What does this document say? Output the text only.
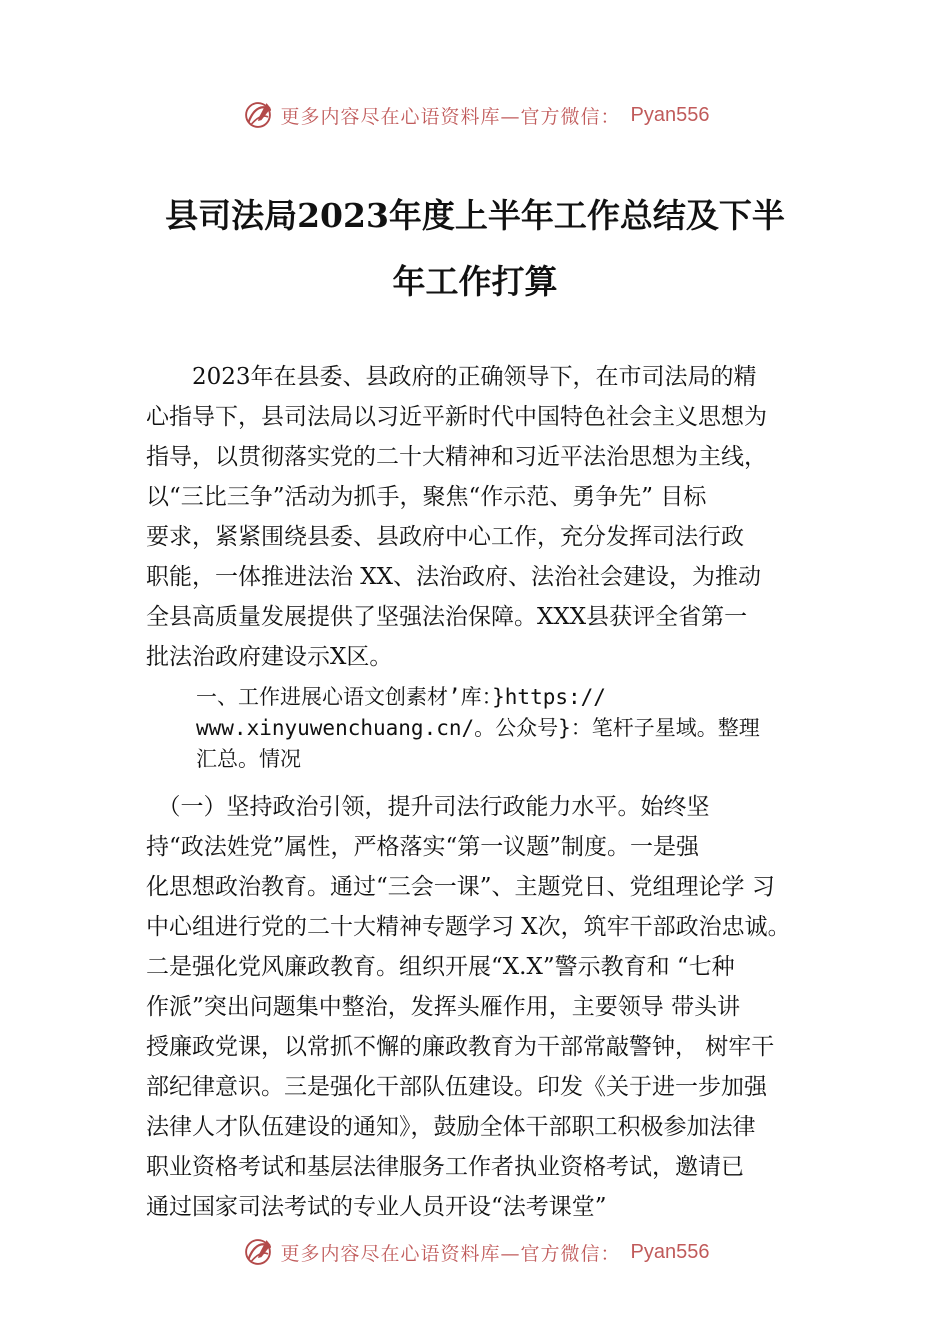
更多内容尽在心语资料库—官方微信： Pyan556
县司法局2023年度上半年工作总结及下半
年工作打算
　　2023年在县委、县政府的正确领导下，在市司法局的精
心指导下，县司法局以习近平新时代中国特色社会主义思想为
指导，以贯彻落实党的二十大精神和习近平法治思想为主线，
以“三比三争”活动为抓手，聚焦“作示范、勇争先” 目标
要求，紧紧围绕县委、县政府中心工作，充分发挥司法行政
职能，一体推进法治 XX、法治政府、法治社会建设，为推动
全县高质量发展提供了坚强法治保障。XXX县获评全省第一
批法治政府建设示X区。
一、工作进展心语文创素材’库：}https://
www.xinyuwenchuang.cn/。公众号}：笔杆子星域。整理
汇总。情况
　（一）坚持政治引领，提升司法行政能力水平。始终坚
持“政法姓党”属性，严格落实“第一议题”制度。一是强
化思想政治教育。通过“三会一课”、主题党日、党组理论学 习
中心组进行党的二十大精神专题学习 X次，筑牢干部政治忠诚。
二是强化党风廉政教育。组织开展“X.X”警示教育和 “七种
作派”突出问题集中整治，发挥头雁作用，主要领导 带头讲
授廉政党课，以常抓不懈的廉政教育为干部常敲警钟， 树牢干
部纪律意识。三是强化干部队伍建设。印发《关于进一步加强
法律人才队伍建设的通知》，鼓励全体干部职工积极参加法律
职业资格考试和基层法律服务工作者执业资格考试，邀请已
通过国家司法考试的专业人员开设“法考课堂”
更多内容尽在心语资料库—官方微信： Pyan556
